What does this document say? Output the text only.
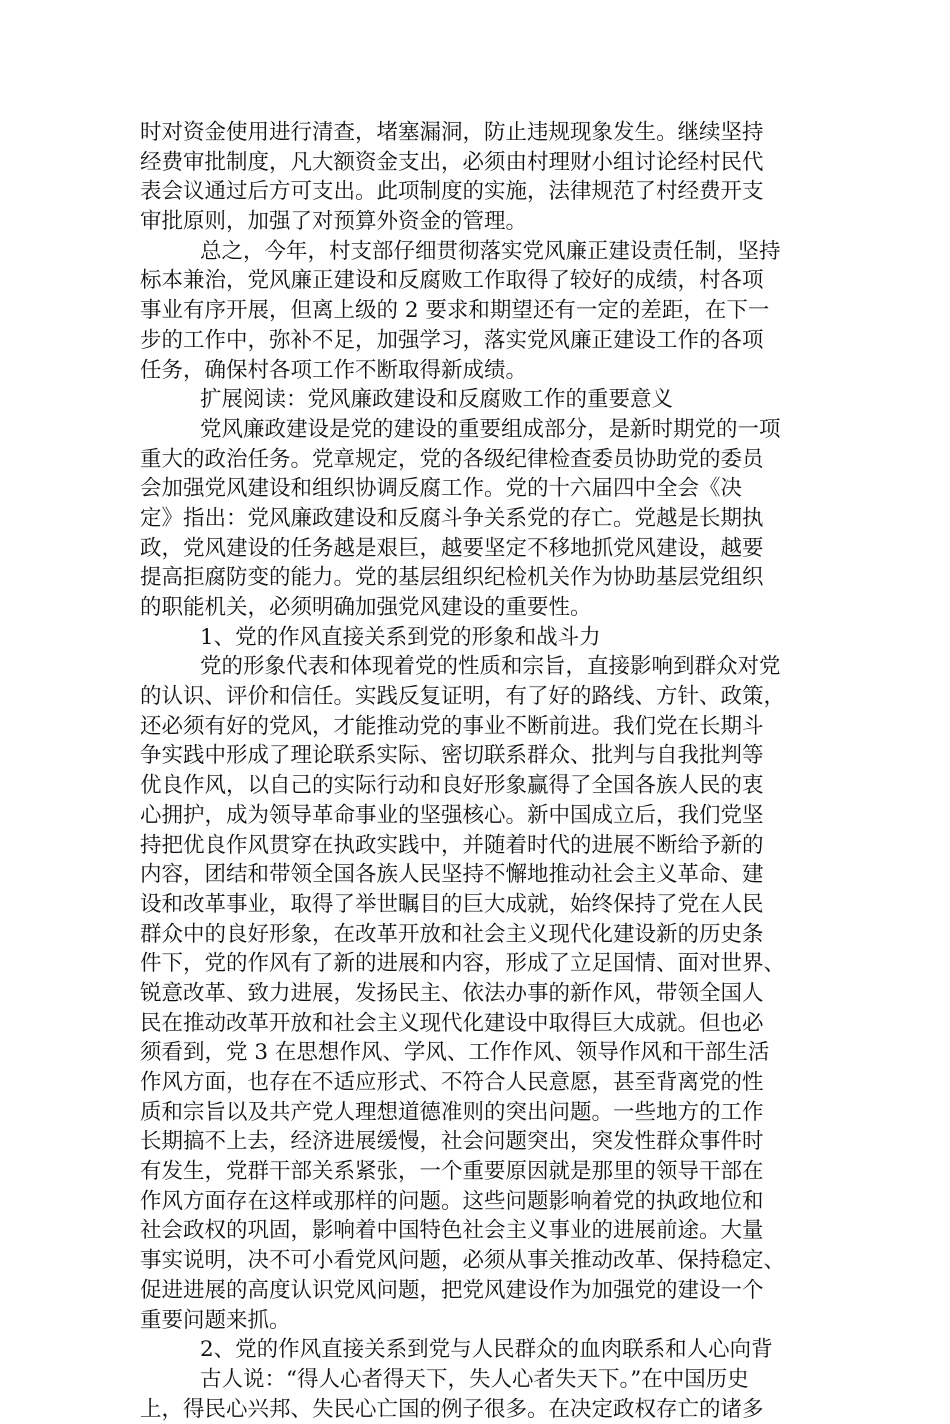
时对资金使用进行清查，堵塞漏洞，防止违规现象发生。继续坚持
经费审批制度，凡大额资金支出，必须由村理财小组讨论经村民代
表会议通过后方可支出。此项制度的实施，法律规范了村经费开支
审批原则，加强了对预算外资金的管理。
总之，今年，村支部仔细贯彻落实党风廉正建设责任制，坚持
标本兼治，党风廉正建设和反腐败工作取得了较好的成绩，村各项
事业有序开展，但离上级的 2 要求和期望还有一定的差距，在下一
步的工作中，弥补不足，加强学习，落实党风廉正建设工作的各项
任务，确保村各项工作不断取得新成绩。
扩展阅读：党风廉政建设和反腐败工作的重要意义
党风廉政建设是党的建设的重要组成部分，是新时期党的一项
重大的政治任务。党章规定，党的各级纪律检查委员协助党的委员
会加强党风建设和组织协调反腐工作。党的十六届四中全会《决
定》指出：党风廉政建设和反腐斗争关系党的存亡。党越是长期执
政，党风建设的任务越是艰巨，越要坚定不移地抓党风建设，越要
提高拒腐防变的能力。党的基层组织纪检机关作为协助基层党组织
的职能机关，必须明确加强党风建设的重要性。
1、党的作风直接关系到党的形象和战斗力
党的形象代表和体现着党的性质和宗旨，直接影响到群众对党
的认识、评价和信任。实践反复证明，有了好的路线、方针、政策，
还必须有好的党风，才能推动党的事业不断前进。我们党在长期斗
争实践中形成了理论联系实际、密切联系群众、批判与自我批判等
优良作风，以自己的实际行动和良好形象赢得了全国各族人民的衷
心拥护，成为领导革命事业的坚强核心。新中国成立后，我们党坚
持把优良作风贯穿在执政实践中，并随着时代的进展不断给予新的
内容，团结和带领全国各族人民坚持不懈地推动社会主义革命、建
设和改革事业，取得了举世瞩目的巨大成就，始终保持了党在人民
群众中的良好形象，在改革开放和社会主义现代化建设新的历史条
件下，党的作风有了新的进展和内容，形成了立足国情、面对世界、
锐意改革、致力进展，发扬民主、依法办事的新作风，带领全国人
民在推动改革开放和社会主义现代化建设中取得巨大成就。但也必
须看到，党 3 在思想作风、学风、工作作风、领导作风和干部生活
作风方面，也存在不适应形式、不符合人民意愿，甚至背离党的性
质和宗旨以及共产党人理想道德准则的突出问题。一些地方的工作
长期搞不上去，经济进展缓慢，社会问题突出，突发性群众事件时
有发生，党群干部关系紧张，一个重要原因就是那里的领导干部在
作风方面存在这样或那样的问题。这些问题影响着党的执政地位和
社会政权的巩固，影响着中国特色社会主义事业的进展前途。大量
事实说明，决不可小看党风问题，必须从事关推动改革、保持稳定、
促进进展的高度认识党风问题，把党风建设作为加强党的建设一个
重要问题来抓。
2、党的作风直接关系到党与人民群众的血肉联系和人心向背
古人说：“得人心者得天下，失人心者失天下。”在中国历史
上，得民心兴邦、失民心亡国的例子很多。在决定政权存亡的诸多
